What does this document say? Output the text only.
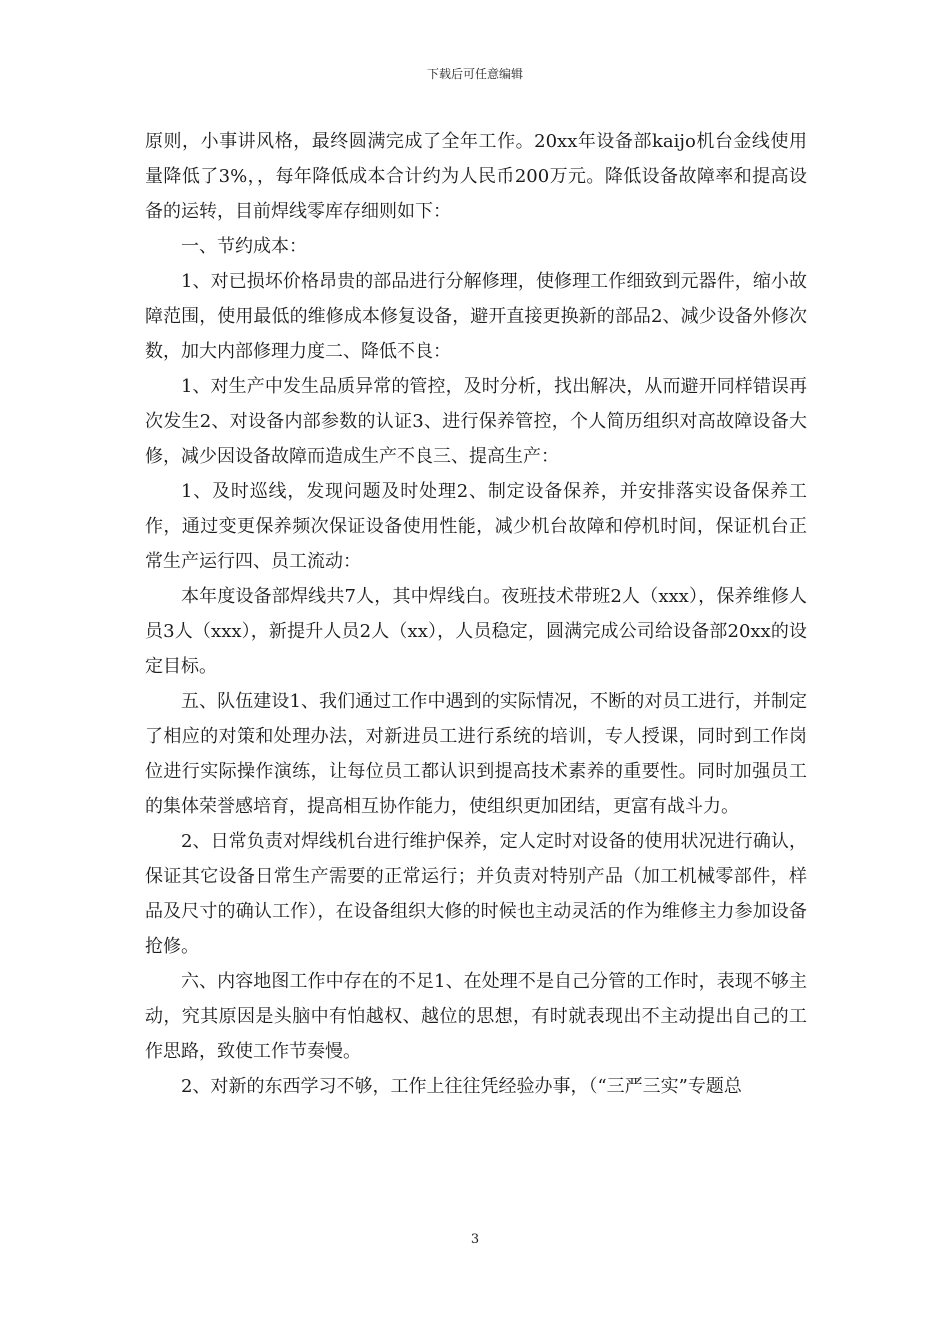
下载后可任意编辑

原则，小事讲风格，最终圆满完成了全年工作。20xx年设备部kaijo机台金线使用量降低了3%，，每年降低成本合计约为人民币200万元。降低设备故障率和提高设备的运转，目前焊线零库存细则如下：

一、节约成本：

1、对已损坏价格昂贵的部品进行分解修理，使修理工作细致到元器件，缩小故障范围，使用最低的维修成本修复设备，避开直接更换新的部品2、减少设备外修次数，加大内部修理力度二、降低不良：

1、对生产中发生品质异常的管控，及时分析，找出解决，从而避开同样错误再次发生2、对设备内部参数的认证3、进行保养管控，个人简历组织对高故障设备大修，减少因设备故障而造成生产不良三、提高生产：

1、及时巡线，发现问题及时处理2、制定设备保养，并安排落实设备保养工作，通过变更保养频次保证设备使用性能，减少机台故障和停机时间，保证机台正常生产运行四、员工流动：

本年度设备部焊线共7人，其中焊线白。夜班技术带班2人（xxx），保养维修人员3人（xxx），新提升人员2人（xx），人员稳定，圆满完成公司给设备部20xx的设定目标。

五、队伍建设1、我们通过工作中遇到的实际情况，不断的对员工进行，并制定了相应的对策和处理办法，对新进员工进行系统的培训，专人授课，同时到工作岗位进行实际操作演练，让每位员工都认识到提高技术素养的重要性。同时加强员工的集体荣誉感培育，提高相互协作能力，使组织更加团结，更富有战斗力。

2、日常负责对焊线机台进行维护保养，定人定时对设备的使用状况进行确认，保证其它设备日常生产需要的正常运行；并负责对特别产品（加工机械零部件，样品及尺寸的确认工作），在设备组织大修的时候也主动灵活的作为维修主力参加设备抢修。

六、内容地图工作中存在的不足1、在处理不是自己分管的工作时，表现不够主动，究其原因是头脑中有怕越权、越位的思想，有时就表现出不主动提出自己的工作思路，致使工作节奏慢。

2、对新的东西学习不够，工作上往往凭经验办事，（“三严三实”专题总

3
